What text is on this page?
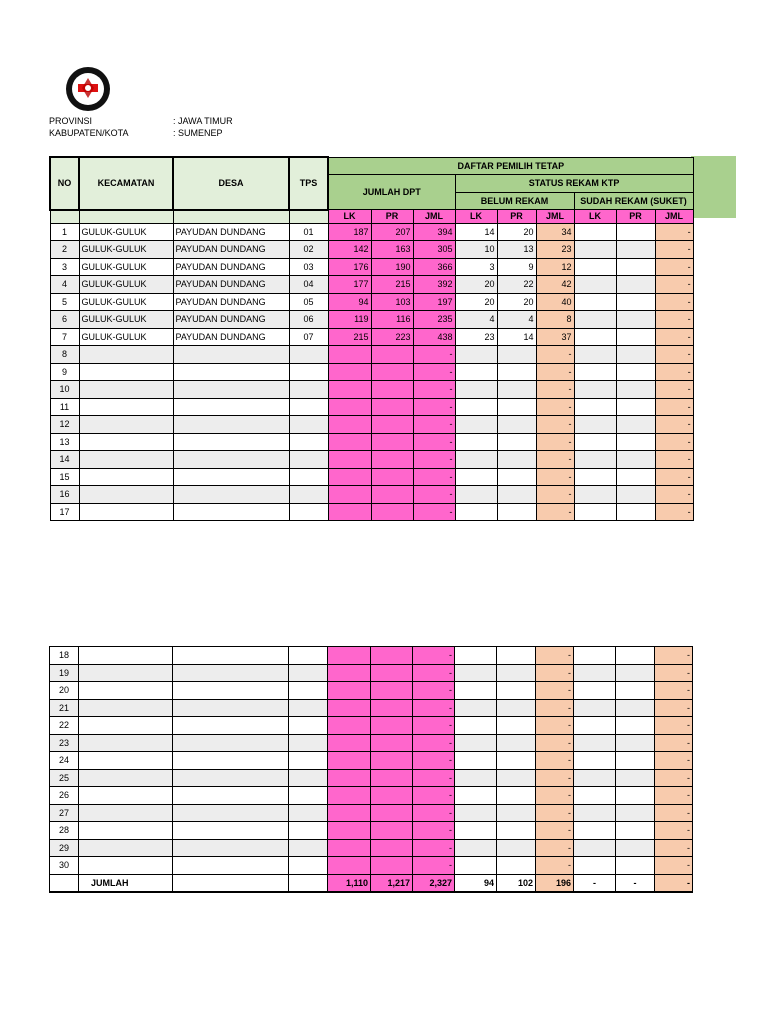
PROVINSI	: JAWA TIMUR
KABUPATEN/KOTA	: SUMENEP
NO	KECAMATAN	DESA	TPS	DAFTAR PEMILIH TETAP								
				JUMLAH DPT			STATUS REKAM KTP					
							BELUM REKAM			SUDAH REKAM (SUKET)		
				LK	PR	JML	LK	PR	JML	LK	PR	JML
1	GULUK-GULUK	PAYUDAN DUNDANG	01	187	207	394	14	20	34			-
2	GULUK-GULUK	PAYUDAN DUNDANG	02	142	163	305	10	13	23			-
3	GULUK-GULUK	PAYUDAN DUNDANG	03	176	190	366	3	9	12			-
4	GULUK-GULUK	PAYUDAN DUNDANG	04	177	215	392	20	22	42			-
5	GULUK-GULUK	PAYUDAN DUNDANG	05	94	103	197	20	20	40			-
6	GULUK-GULUK	PAYUDAN DUNDANG	06	119	116	235	4	4	8			-
7	GULUK-GULUK	PAYUDAN DUNDANG	07	215	223	438	23	14	37			-
8						-			-			-
9						-			-			-
10						-			-			-
11						-			-			-
12						-			-			-
13						-			-			-
14						-			-			-
15						-			-			-
16						-			-			-
17						-			-			-
18						-			-			-
19						-			-			-
20						-			-			-
21						-			-			-
22						-			-			-
23						-			-			-
24						-			-			-
25						-			-			-
26						-			-			-
27						-			-			-
28						-			-			-
29						-			-			-
30						-			-			-
	JUMLAH			1,110	1,217	2,327	94	102	196	-	-	-
